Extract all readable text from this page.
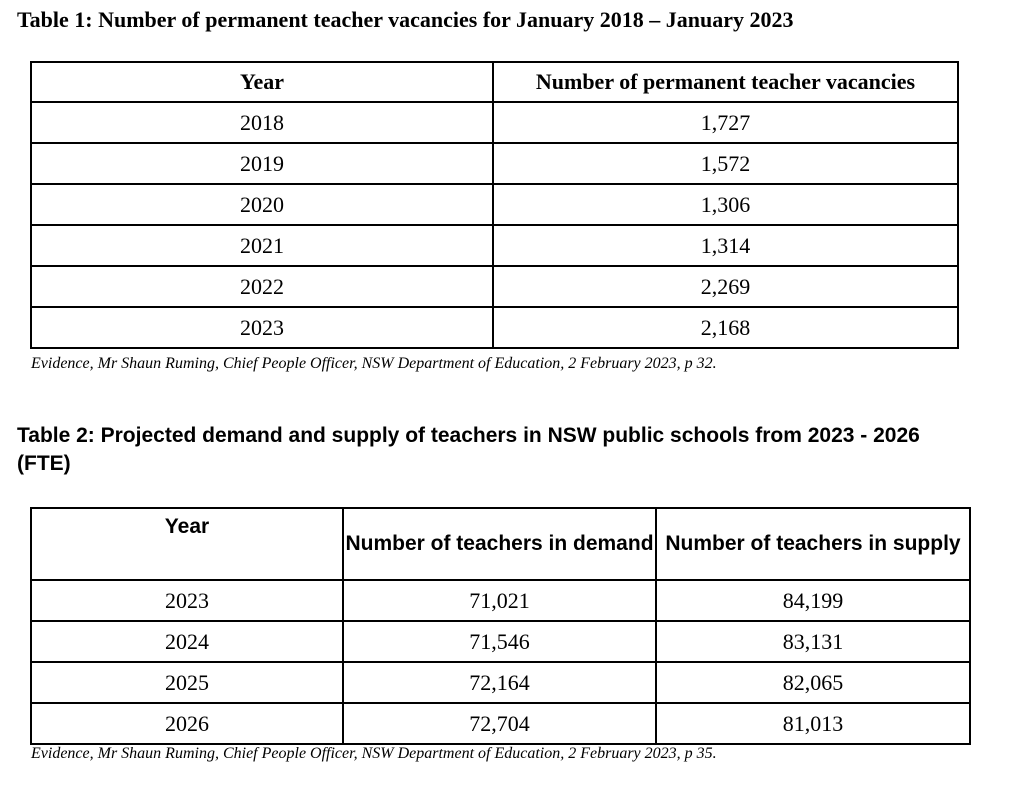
Table 1: Number of permanent teacher vacancies for January 2018 – January 2023
Year	Number of permanent teacher vacancies
2018	1,727
2019	1,572
2020	1,306
2021	1,314
2022	2,269
2023	2,168

Evidence, Mr Shaun Ruming, Chief People Officer, NSW Department of Education, 2 February 2023, p 32.

Table 2: Projected demand and supply of teachers in NSW public schools from 2023 - 2026 (FTE)
Year	Number of teachers in demand	Number of teachers in supply
2023	71,021	84,199
2024	71,546	83,131
2025	72,164	82,065
2026	72,704	81,013

Evidence, Mr Shaun Ruming, Chief People Officer, NSW Department of Education, 2 February 2023, p 35.
